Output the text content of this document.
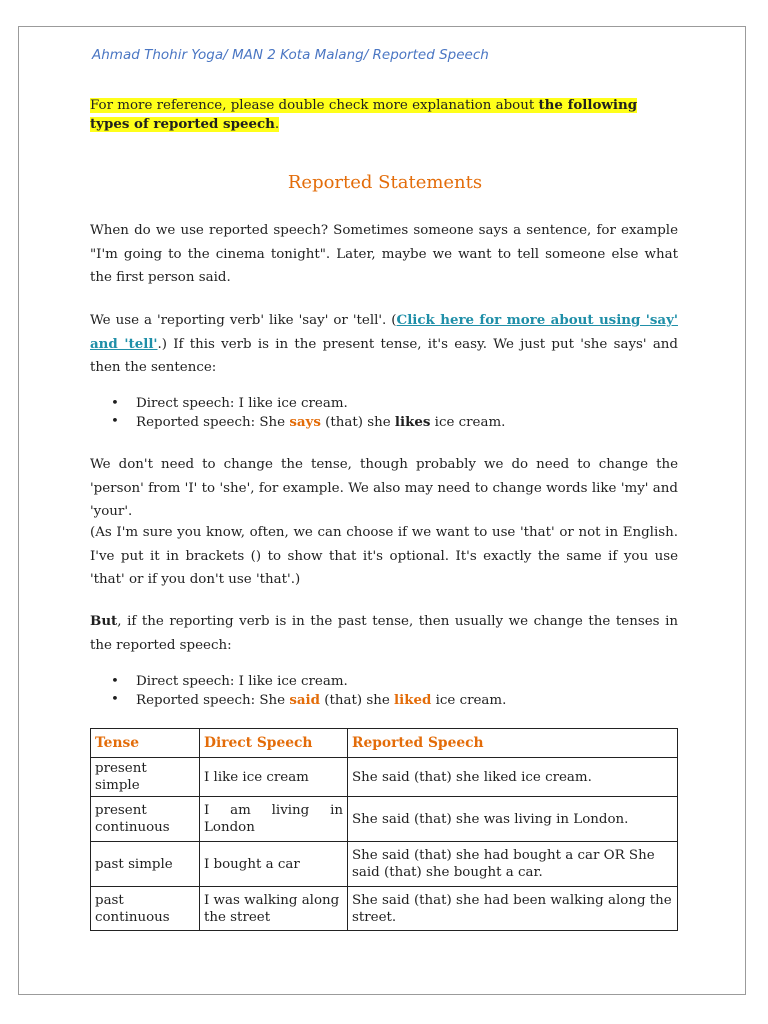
Ahmad Thohir Yoga/ MAN 2 Kota Malang/ Reported Speech
For more reference, please double check more explanation about the following types of reported speech.
Reported Statements
When do we use reported speech? Sometimes someone says a sentence, for example "I'm going to the cinema tonight". Later, maybe we want to tell someone else what the first person said.
We use a 'reporting verb' like 'say' or 'tell'. (Click here for more about using 'say' and 'tell'.) If this verb is in the present tense, it's easy. We just put 'she says' and then the sentence:
• Direct speech: I like ice cream.
• Reported speech: She says (that) she likes ice cream.
We don't need to change the tense, though probably we do need to change the 'person' from 'I' to 'she', for example. We also may need to change words like 'my' and 'your'.
(As I'm sure you know, often, we can choose if we want to use 'that' or not in English. I've put it in brackets () to show that it's optional. It's exactly the same if you use 'that' or if you don't use 'that'.)
But, if the reporting verb is in the past tense, then usually we change the tenses in the reported speech:
• Direct speech: I like ice cream.
• Reported speech: She said (that) she liked ice cream.
Tense	Direct Speech	Reported Speech
present simple	I like ice cream	She said (that) she liked ice cream.
present continuous	I am living in London	She said (that) she was living in London.
past simple	I bought a car	She said (that) she had bought a car OR She said (that) she bought a car.
past continuous	I was walking along the street	She said (that) she had been walking along the street.
